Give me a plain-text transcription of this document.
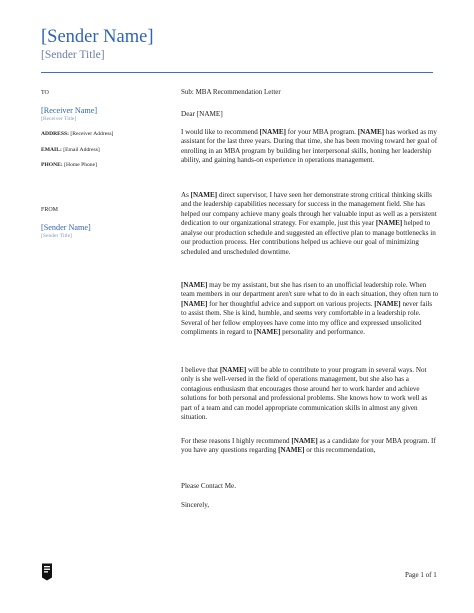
[Sender Name]
[Sender Title]
TO
[Receiver Name]
[Receiver Title]
ADDRESS: [Receiver Address]
EMAIL: [Email Address]
PHONE: [Home Phone]
FROM
[Sender Name]
[Sender Title]
Sub: MBA Recommendation Letter
Dear [NAME]
I would like to recommend [NAME] for your MBA program. [NAME] has worked as my assistant for the last three years. During that time, she has been moving toward her goal of enrolling in an MBA program by building her interpersonal skills, honing her leadership ability, and gaining hands-on experience in operations management.
As [NAME] direct supervisor, I have seen her demonstrate strong critical thinking skills and the leadership capabilities necessary for success in the management field. She has helped our company achieve many goals through her valuable input as well as a persistent dedication to our organizational strategy. For example, just this year [NAME] helped to analyse our production schedule and suggested an effective plan to manage bottlenecks in our production process. Her contributions helped us achieve our goal of minimizing scheduled and unscheduled downtime.
[NAME] may be my assistant, but she has risen to an unofficial leadership role. When team members in our department aren't sure what to do in each situation, they often turn to [NAME] for her thoughtful advice and support on various projects. [NAME] never fails to assist them. She is kind, humble, and seems very comfortable in a leadership role. Several of her fellow employees have come into my office and expressed unsolicited compliments in regard to [NAME] personality and performance.
I believe that [NAME] will be able to contribute to your program in several ways. Not only is she well-versed in the field of operations management, but she also has a contagious enthusiasm that encourages those around her to work harder and achieve solutions for both personal and professional problems. She knows how to work well as part of a team and can model appropriate communication skills in almost any given situation.
For these reasons I highly recommend [NAME] as a candidate for your MBA program. If you have any questions regarding [NAME] or this recommendation,
Please Contact Me.
Sincerely,
Page 1 of 1
